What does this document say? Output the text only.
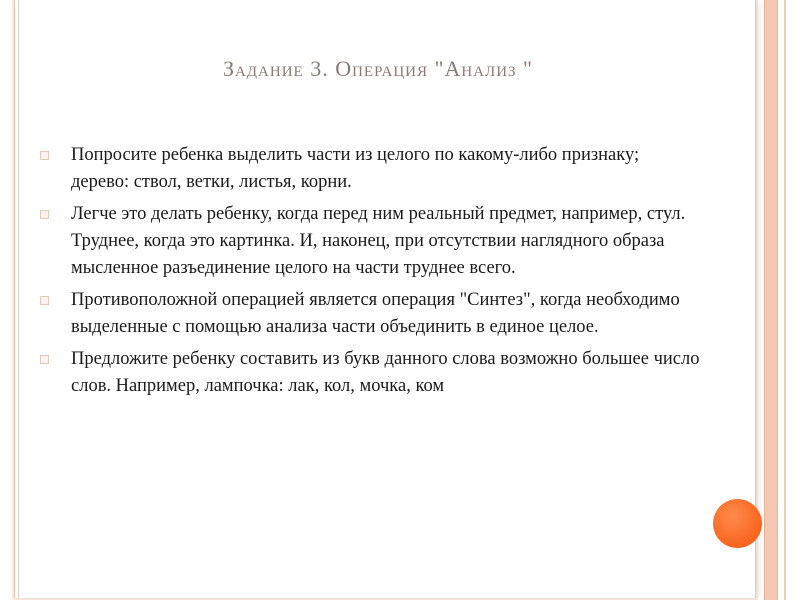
Задание 3. Операция "Анализ "
Попросите ребенка выделить части из целого по какому-либо признаку; дерево: ствол, ветки, листья, корни.
Легче это делать ребенку, когда перед ним реальный предмет, например, стул. Труднее, когда это картинка. И, наконец, при отсутствии наглядного образа мысленное разъединение целого на части труднее всего.
Противоположной операцией является операция "Синтез", когда необходимо выделенные с помощью анализа части объединить в единое целое.
Предложите ребенку составить из букв данного слова возможно большее число слов. Например, лампочка: лак, кол, мочка, ком
